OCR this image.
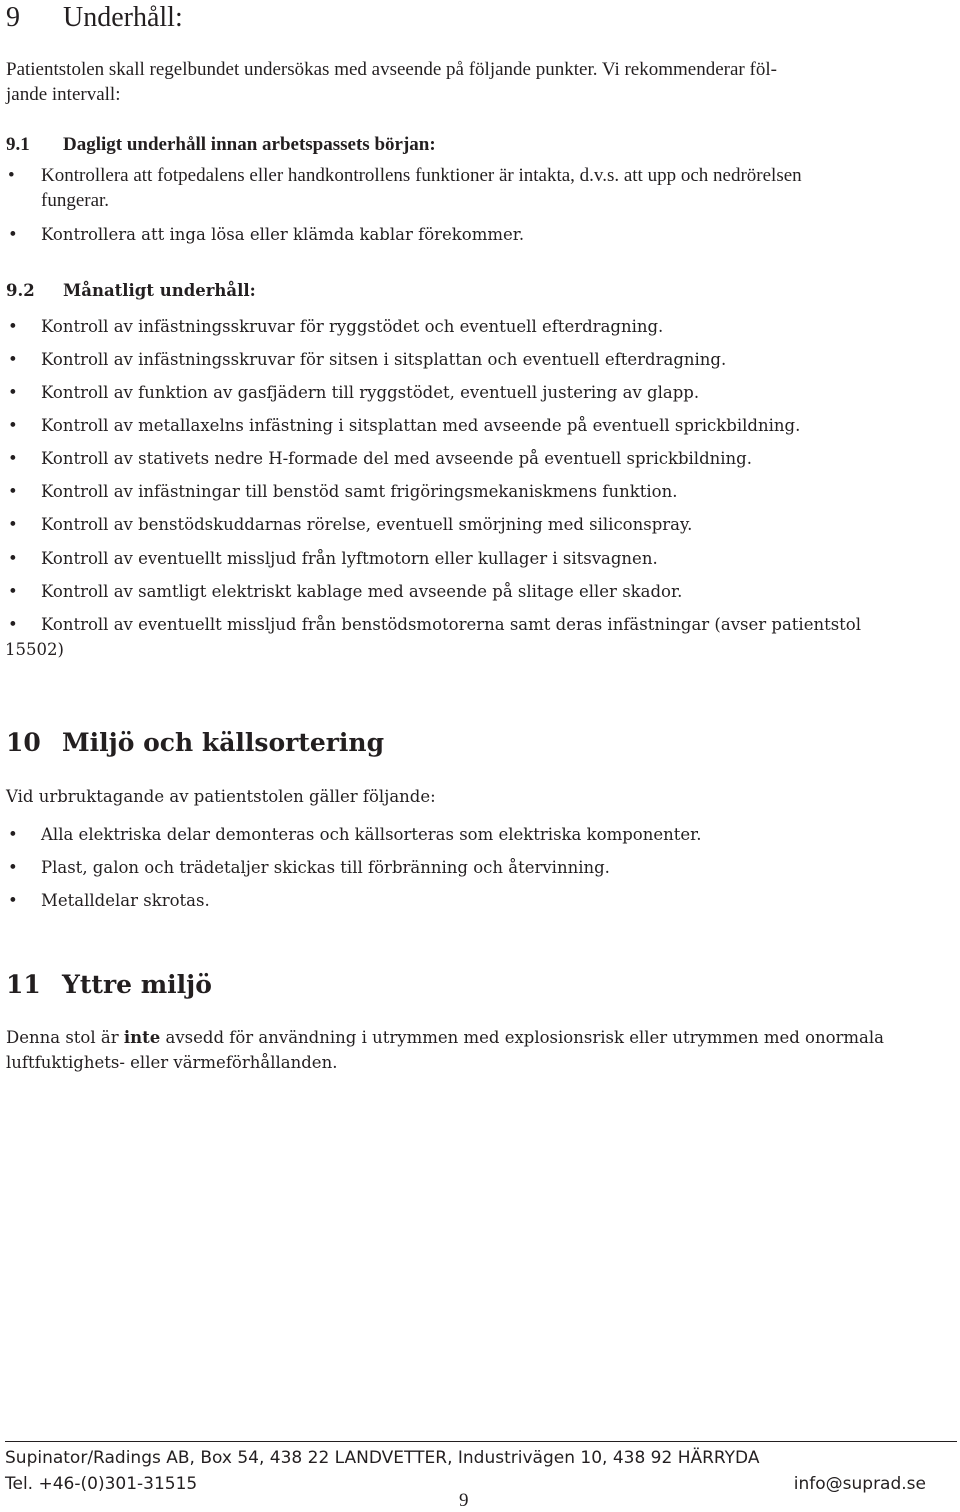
9 Underhåll:
Patientstolen skall regelbundet undersökas med avseende på följande punkter. Vi rekommenderar föl-
jande intervall:
9.1 Dagligt underhåll innan arbetspassets början:
• Kontrollera att fotpedalens eller handkontrollens funktioner är intakta, d.v.s. att upp och nedrörelsen
fungerar.
• Kontrollera att inga lösa eller klämda kablar förekommer.
9.2 Månatligt underhåll:
• Kontroll av infästningsskruvar för ryggstödet och eventuell efterdragning.
• Kontroll av infästningsskruvar för sitsen i sitsplattan och eventuell efterdragning.
• Kontroll av funktion av gasfjädern till ryggstödet, eventuell justering av glapp.
• Kontroll av metallaxelns infästning i sitsplattan med avseende på eventuell sprickbildning.
• Kontroll av stativets nedre H-formade del med avseende på eventuell sprickbildning.
• Kontroll av infästningar till benstöd samt frigöringsmekaniskmens funktion.
• Kontroll av benstödskuddarnas rörelse, eventuell smörjning med siliconspray.
• Kontroll av eventuellt missljud från lyftmotorn eller kullager i sitsvagnen.
• Kontroll av samtligt elektriskt kablage med avseende på slitage eller skador.
• Kontroll av eventuellt missljud från benstödsmotorerna samt deras infästningar (avser patientstol
15502)
10 Miljö och källsortering
Vid urbruktagande av patientstolen gäller följande:
• Alla elektriska delar demonteras och källsorteras som elektriska komponenter.
• Plast, galon och trädetaljer skickas till förbränning och återvinning.
• Metalldelar skrotas.
11 Yttre miljö
Denna stol är inte avsedd för användning i utrymmen med explosionsrisk eller utrymmen med onormala
luftfuktighets- eller värmeförhållanden.
Supinator/Radings AB, Box 54, 438 22 LANDVETTER, Industrivägen 10, 438 92 HÄRRYDA
Tel. +46-(0)301-31515	info@suprad.se
9
